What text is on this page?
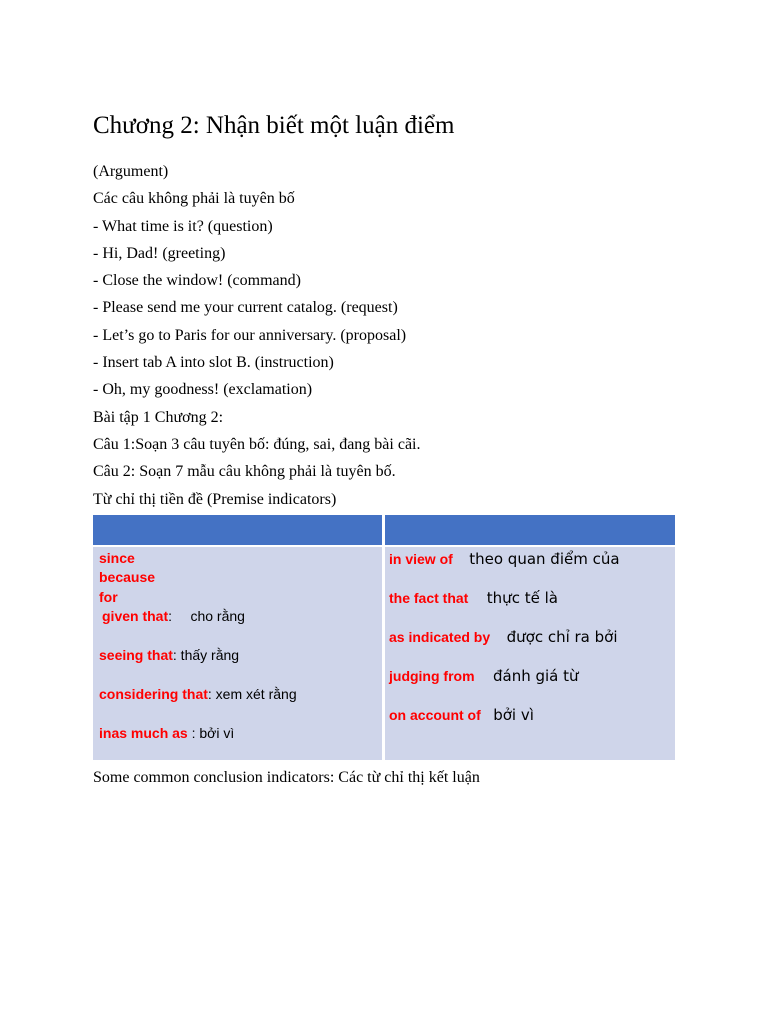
Chương 2: Nhận biết một luận điểm
(Argument)
Các câu không phải là tuyên bố
- What time is it? (question)
- Hi, Dad! (greeting)
- Close the window! (command)
- Please send me your current catalog. (request)
- Let’s go to Paris for our anniversary. (proposal)
- Insert tab A into slot B. (instruction)
- Oh, my goodness! (exclamation)
Bài tập 1 Chương 2:
Câu 1:Soạn 3 câu tuyên bố: đúng, sai, đang bài cãi.
Câu 2: Soạn 7 mẫu câu không phải là tuyên bố.
Từ chỉ thị tiền đề (Premise indicators)
since
because
for
given that: cho rằng
seeing that: thấy rằng
considering that: xem xét rằng
inas much as : bởi vì
in view of theo quan điểm của
the fact that thực tế là
as indicated by được chỉ ra bởi
judging from đánh giá từ
on account of bởi vì
Some common conclusion indicators: Các từ chỉ thị kết luận
